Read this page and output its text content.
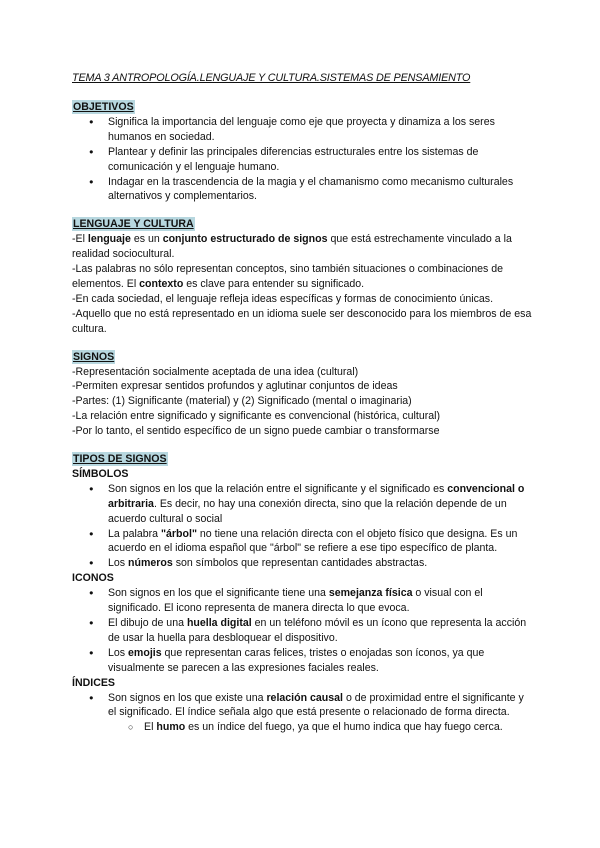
TEMA 3 ANTROPOLOGÍA.LENGUAJE Y CULTURA.SISTEMAS DE PENSAMIENTO
OBJETIVOS
● Significa la importancia del lenguaje como eje que proyecta y dinamiza a los seres humanos en sociedad.
● Plantear y definir las principales diferencias estructurales entre los sistemas de comunicación y el lenguaje humano.
● Indagar en la trascendencia de la magia y el chamanismo como mecanismo culturales alternativos y complementarios.
LENGUAJE Y CULTURA

-El lenguaje es un conjunto estructurado de signos que está estrechamente vinculado a la realidad sociocultural.

-Las palabras no sólo representan conceptos, sino también situaciones o combinaciones de elementos. El contexto es clave para entender su significado.

-En cada sociedad, el lenguaje refleja ideas específicas y formas de conocimiento únicas.

-Aquello que no está representado en un idioma suele ser desconocido para los miembros de esa cultura.

SIGNOS

-Representación socialmente aceptada de una idea (cultural)

-Permiten expresar sentidos profundos y aglutinar conjuntos de ideas

-Partes: (1) Significante (material) y (2) Significado (mental o imaginaria)

-La relación entre significado y significante es convencional (histórica, cultural)

-Por lo tanto, el sentido específico de un signo puede cambiar o transformarse

TIPOS DE SIGNOS
SÍMBOLOS
● Son signos en los que la relación entre el significante y el significado es convencional o arbitraria. Es decir, no hay una conexión directa, sino que la relación depende de un acuerdo cultural o social
● La palabra "árbol" no tiene una relación directa con el objeto físico que designa. Es un acuerdo en el idioma español que "árbol" se refiere a ese tipo específico de planta.
● Los números son símbolos que representan cantidades abstractas.
ICONOS
● Son signos en los que el significante tiene una semejanza física o visual con el significado. El icono representa de manera directa lo que evoca.
● El dibujo de una huella digital en un teléfono móvil es un ícono que representa la acción de usar la huella para desbloquear el dispositivo.
● Los emojis que representan caras felices, tristes o enojadas son íconos, ya que visualmente se parecen a las expresiones faciales reales.
ÍNDICES
● Son signos en los que existe una relación causal o de proximidad entre el significante y el significado. El índice señala algo que está presente o relacionado de forma directa.
○ El humo es un índice del fuego, ya que el humo indica que hay fuego cerca.
